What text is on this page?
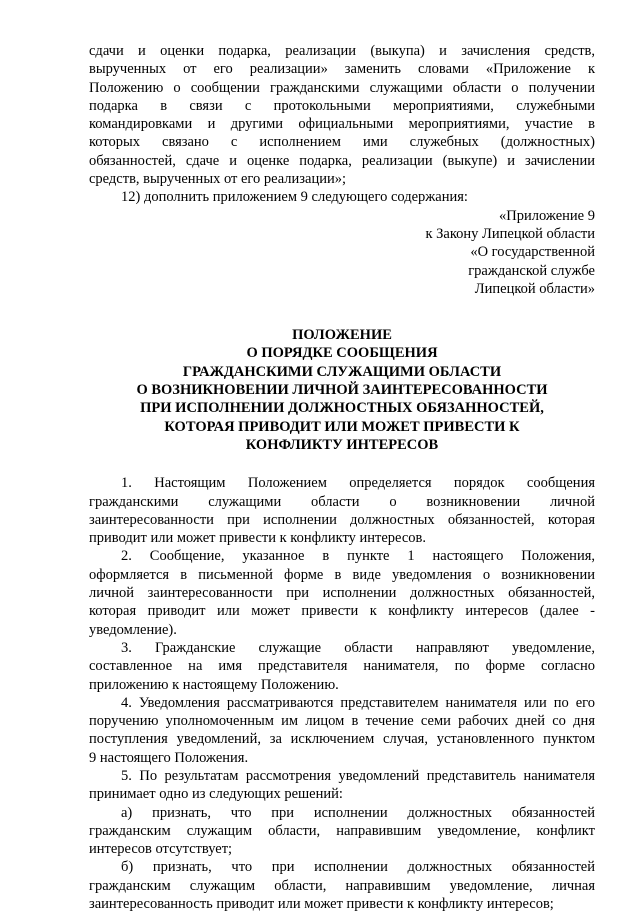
сдачи и оценки подарка, реализации (выкупа) и зачисления средств,
вырученных от его реализации» заменить словами «Приложение к
Положению о сообщении гражданскими служащими области о получении
подарка в связи с протокольными мероприятиями, служебными
командировками и другими официальными мероприятиями, участие в
которых связано с исполнением ими служебных (должностных)
обязанностей, сдаче и оценке подарка, реализации (выкупе) и зачислении
средств, вырученных от его реализации»;
12) дополнить приложением 9 следующего содержания:
«Приложение 9
к Закону Липецкой области
«О государственной
гражданской службе
Липецкой области»
ПОЛОЖЕНИЕ
О ПОРЯДКЕ СООБЩЕНИЯ
ГРАЖДАНСКИМИ СЛУЖАЩИМИ ОБЛАСТИ
О ВОЗНИКНОВЕНИИ ЛИЧНОЙ ЗАИНТЕРЕСОВАННОСТИ
ПРИ ИСПОЛНЕНИИ ДОЛЖНОСТНЫХ ОБЯЗАННОСТЕЙ,
КОТОРАЯ ПРИВОДИТ ИЛИ МОЖЕТ ПРИВЕСТИ К
КОНФЛИКТУ ИНТЕРЕСОВ
1. Настоящим Положением определяется порядок сообщения
гражданскими служащими области о возникновении личной
заинтересованности при исполнении должностных обязанностей, которая
приводит или может привести к конфликту интересов.
2. Сообщение, указанное в пункте 1 настоящего Положения,
оформляется в письменной форме в виде уведомления о возникновении
личной заинтересованности при исполнении должностных обязанностей,
которая приводит или может привести к конфликту интересов (далее -
уведомление).
3. Гражданские служащие области направляют уведомление,
составленное на имя представителя нанимателя, по форме согласно
приложению к настоящему Положению.
4. Уведомления рассматриваются представителем нанимателя или по его
поручению уполномоченным им лицом в течение семи рабочих дней со дня
поступления уведомлений, за исключением случая, установленного пунктом
9 настоящего Положения.
5. По результатам рассмотрения уведомлений представитель нанимателя
принимает одно из следующих решений:
а) признать, что при исполнении должностных обязанностей
гражданским служащим области, направившим уведомление, конфликт
интересов отсутствует;
б) признать, что при исполнении должностных обязанностей
гражданским служащим области, направившим уведомление, личная
заинтересованность приводит или может привести к конфликту интересов;
